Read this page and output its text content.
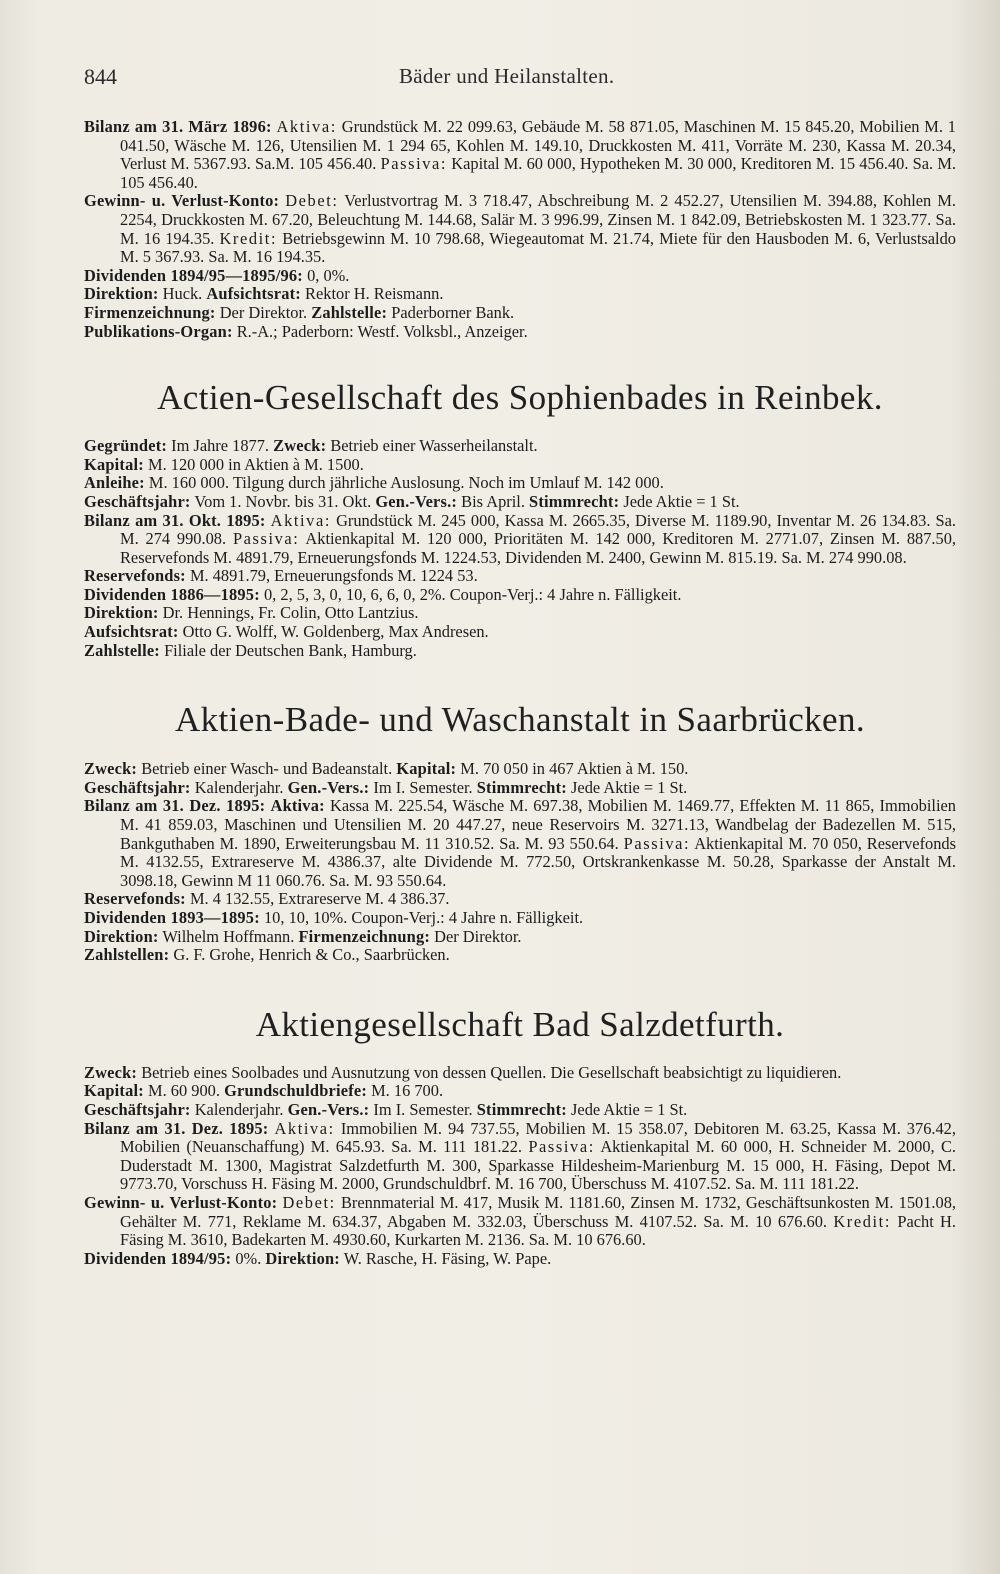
844	Bäder und Heilanstalten.

Bilanz am 31. März 1896: Aktiva: Grundstück M. 22 099.63, Gebäude M. 58 871.05, Maschinen M. 15 845.20, Mobilien M. 1 041.50, Wäsche M. 126, Utensilien M. 1 294 65, Kohlen M. 149.10, Druckkosten M. 411, Vorräte M. 230, Kassa M. 20.34, Verlust M. 5367.93. Sa.M. 105 456.40. Passiva: Kapital M. 60 000, Hypotheken M. 30 000, Kreditoren M. 15 456.40. Sa. M. 105 456.40.

Gewinn- u. Verlust-Konto: Debet: Verlustvortrag M. 3 718.47, Abschreibung M. 2 452.27, Utensilien M. 394.88, Kohlen M. 2254, Druckkosten M. 67.20, Beleuchtung M. 144.68, Salär M. 3 996.99, Zinsen M. 1 842.09, Betriebskosten M. 1 323.77. Sa. M. 16 194.35. Kredit: Betriebsgewinn M. 10 798.68, Wiegeautomat M. 21.74, Miete für den Hausboden M. 6, Verlustsaldo M. 5 367.93. Sa. M. 16 194.35.

Dividenden 1894/95—1895/96: 0, 0%.

Direktion: Huck. Aufsichtsrat: Rektor H. Reismann.

Firmenzeichnung: Der Direktor. Zahlstelle: Paderborner Bank.

Publikations-Organ: R.-A.; Paderborn: Westf. Volksbl., Anzeiger.

Actien-Gesellschaft des Sophienbades in Reinbek.

Gegründet: Im Jahre 1877. Zweck: Betrieb einer Wasserheilanstalt.

Kapital: M. 120 000 in Aktien à M. 1500.

Anleihe: M. 160 000. Tilgung durch jährliche Auslosung. Noch im Umlauf M. 142 000.

Geschäftsjahr: Vom 1. Novbr. bis 31. Okt. Gen.-Vers.: Bis April. Stimmrecht: Jede Aktie = 1 St.

Bilanz am 31. Okt. 1895: Aktiva: Grundstück M. 245 000, Kassa M. 2665.35, Diverse M. 1189.90, Inventar M. 26 134.83. Sa. M. 274 990.08. Passiva: Aktienkapital M. 120 000, Prioritäten M. 142 000, Kreditoren M. 2771.07, Zinsen M. 887.50, Reservefonds M. 4891.79, Erneuerungsfonds M. 1224.53, Dividenden M. 2400, Gewinn M. 815.19. Sa. M. 274 990.08.

Reservefonds: M. 4891.79, Erneuerungsfonds M. 1224 53.

Dividenden 1886—1895: 0, 2, 5, 3, 0, 10, 6, 6, 0, 2%. Coupon-Verj.: 4 Jahre n. Fälligkeit.

Direktion: Dr. Hennings, Fr. Colin, Otto Lantzius.

Aufsichtsrat: Otto G. Wolff, W. Goldenberg, Max Andresen.

Zahlstelle: Filiale der Deutschen Bank, Hamburg.

Aktien-Bade- und Waschanstalt in Saarbrücken.

Zweck: Betrieb einer Wasch- und Badeanstalt. Kapital: M. 70 050 in 467 Aktien à M. 150.

Geschäftsjahr: Kalenderjahr. Gen.-Vers.: Im I. Semester. Stimmrecht: Jede Aktie = 1 St.

Bilanz am 31. Dez. 1895: Aktiva: Kassa M. 225.54, Wäsche M. 697.38, Mobilien M. 1469.77, Effekten M. 11 865, Immobilien M. 41 859.03, Maschinen und Utensilien M. 20 447.27, neue Reservoirs M. 3271.13, Wandbelag der Badezellen M. 515, Bankguthaben M. 1890, Erweiterungsbau M. 11 310.52. Sa. M. 93 550.64. Passiva: Aktienkapital M. 70 050, Reservefonds M. 4132.55, Extrareserve M. 4386.37, alte Dividende M. 772.50, Ortskrankenkasse M. 50.28, Sparkasse der Anstalt M. 3098.18, Gewinn M 11 060.76. Sa. M. 93 550.64.

Reservefonds: M. 4 132.55, Extrareserve M. 4 386.37.

Dividenden 1893—1895: 10, 10, 10%. Coupon-Verj.: 4 Jahre n. Fälligkeit.

Direktion: Wilhelm Hoffmann. Firmenzeichnung: Der Direktor.

Zahlstellen: G. F. Grohe, Henrich & Co., Saarbrücken.

Aktiengesellschaft Bad Salzdetfurth.

Zweck: Betrieb eines Soolbades und Ausnutzung von dessen Quellen. Die Gesellschaft beabsichtigt zu liquidieren.

Kapital: M. 60 900. Grundschuldbriefe: M. 16 700.

Geschäftsjahr: Kalenderjahr. Gen.-Vers.: Im I. Semester. Stimmrecht: Jede Aktie = 1 St.

Bilanz am 31. Dez. 1895: Aktiva: Immobilien M. 94 737.55, Mobilien M. 15 358.07, Debitoren M. 63.25, Kassa M. 376.42, Mobilien (Neuanschaffung) M. 645.93. Sa. M. 111 181.22. Passiva: Aktienkapital M. 60 000, H. Schneider M. 2000, C. Duderstadt M. 1300, Magistrat Salzdetfurth M. 300, Sparkasse Hildesheim-Marienburg M. 15 000, H. Fäsing, Depot M. 9773.70, Vorschuss H. Fäsing M. 2000, Grundschuldbrf. M. 16 700, Überschuss M. 4107.52. Sa. M. 111 181.22.

Gewinn- u. Verlust-Konto: Debet: Brennmaterial M. 417, Musik M. 1181.60, Zinsen M. 1732, Geschäftsunkosten M. 1501.08, Gehälter M. 771, Reklame M. 634.37, Abgaben M. 332.03, Überschuss M. 4107.52. Sa. M. 10 676.60. Kredit: Pacht H. Fäsing M. 3610, Badekarten M. 4930.60, Kurkarten M. 2136. Sa. M. 10 676.60.

Dividenden 1894/95: 0%. Direktion: W. Rasche, H. Fäsing, W. Pape.
